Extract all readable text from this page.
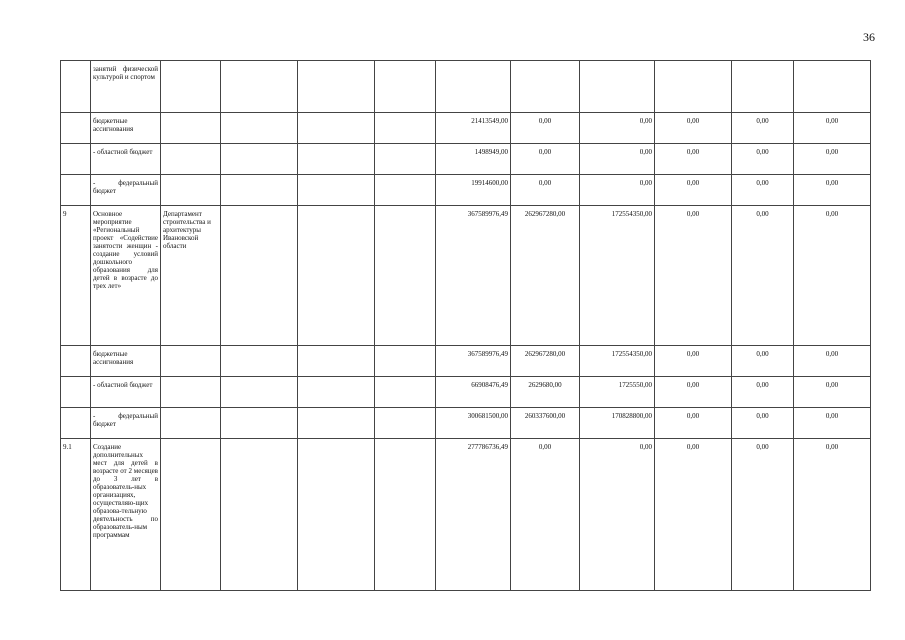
36
	занятий физической культурой и спортом										
	бюджетные ассигнования					21413549,00	0,00	0,00	0,00	0,00	0,00
	- областной бюджет					1498949,00	0,00	0,00	0,00	0,00	0,00
	- федеральный бюджет					19914600,00	0,00	0,00	0,00	0,00	0,00
9	Основное мероприятие «Региональный проект «Содействие занятости женщин - создание условий дошкольного образования для детей в возрасте до трех лет»	Департамент строительства и архитектуры Ивановской области				367589976,49	262967280,00	172554350,00	0,00	0,00	0,00
	бюджетные ассигнования					367589976,49	262967280,00	172554350,00	0,00	0,00	0,00
	- областной бюджет					66908476,49	2629680,00	1725550,00	0,00	0,00	0,00
	- федеральный бюджет					300681500,00	260337600,00	170828800,00	0,00	0,00	0,00
9.1	Создание дополнительных мест для детей в возрасте от 2 месяцев до 3 лет в образователь-ных организациях, осуществляю-щих образова-тельную деятельность по образователь-ным программам					277786736,49	0,00	0,00	0,00	0,00	0,00
